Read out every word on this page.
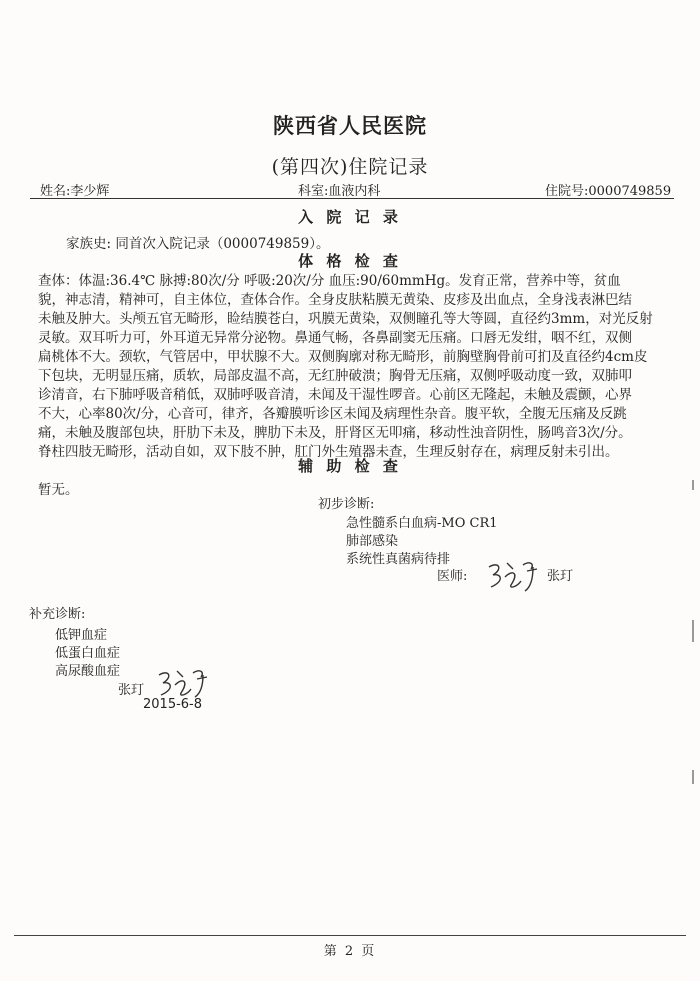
陕西省人民医院
(第四次)住院记录
姓名:李少辉	科室:血液内科	住院号:0000749859
入 院 记 录
家族史: 同首次入院记录（0000749859）。
体 格 检 查
查体：体温:36.4℃ 脉搏:80次/分 呼吸:20次/分 血压:90/60mmHg。发育正常，营养中等，贫血
貌，神志清，精神可，自主体位，查体合作。全身皮肤粘膜无黄染、皮疹及出血点，全身浅表淋巴结
未触及肿大。头颅五官无畸形，睑结膜苍白，巩膜无黄染，双侧瞳孔等大等圆，直径约3mm，对光反射
灵敏。双耳听力可，外耳道无异常分泌物。鼻通气畅，各鼻副窦无压痛。口唇无发绀，咽不红，双侧
扁桃体不大。颈软，气管居中，甲状腺不大。双侧胸廓对称无畸形，前胸壁胸骨前可扪及直径约4cm皮
下包块，无明显压痛，质软，局部皮温不高，无红肿破溃；胸骨无压痛，双侧呼吸动度一致，双肺叩
诊清音，右下肺呼吸音稍低，双肺呼吸音清，未闻及干湿性啰音。心前区无隆起，未触及震颤，心界
不大，心率80次/分，心音可，律齐，各瓣膜听诊区未闻及病理性杂音。腹平软，全腹无压痛及反跳
痛，未触及腹部包块，肝肋下未及，脾肋下未及，肝肾区无叩痛，移动性浊音阴性，肠鸣音3次/分。
脊柱四肢无畸形，活动自如，双下肢不肿，肛门外生殖器未查，生理反射存在，病理反射未引出。
辅 助 检 查
暂无。
初步诊断:
急性髓系白血病-MO CR1
肺部感染
系统性真菌病待排
医师:	张玎
补充诊断:
低钾血症
低蛋白血症
高尿酸血症
张玎
2015-6-8
第 2 页
